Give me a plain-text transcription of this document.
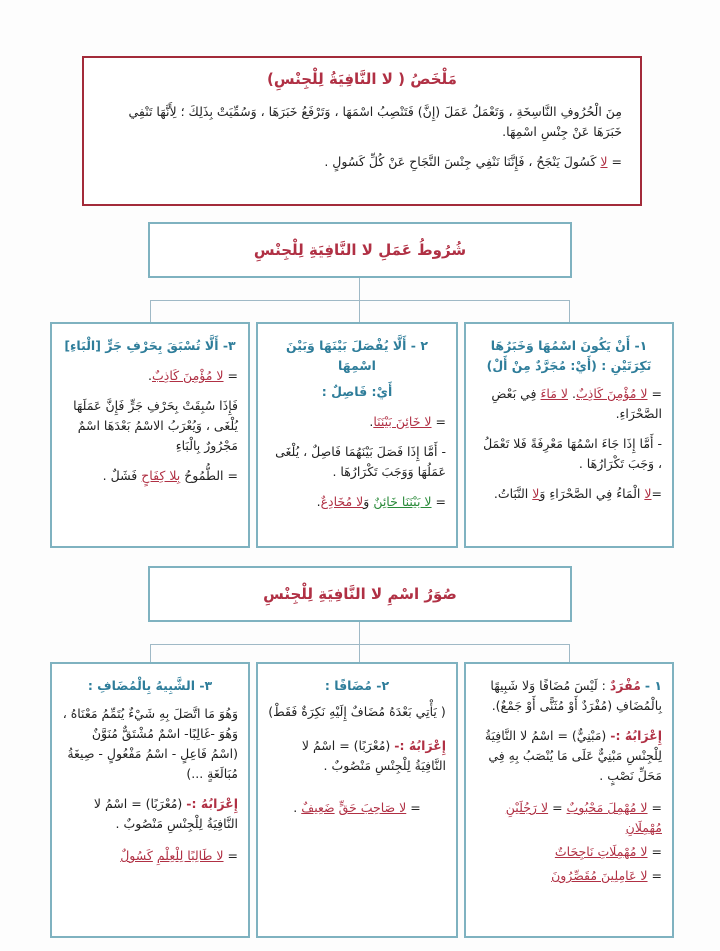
مَلْخَصُ ( لا النَّافِيَةُ لِلْجِنْسِ)

مِنَ الْحُرُوفِ النَّاسِخَةِ ، وَتَعْمَلُ عَمَلَ (إِنَّ) فَتَنْصِبُ اسْمَهَا ، وَتَرْفَعُ خَبَرَهَا ، وَسُمِّيَتْ بِذَلِكَ ؛ لِأَنَّهَا تَنْفِي خَبَرَهَا عَنْ جِنْسِ اسْمِهَا.

= لا كَسُولَ يَنْجَحُ ، فَإِنَّنَا نَنْفِي جِنْسَ النَّجَاحِ عَنْ كُلِّ كَسُولٍ .

شُرُوطُ عَمَلِ لا النَّافِيَةِ لِلْجِنْسِ
١- أَنْ يَكُونَ اسْمُهَا وَخَبَرُهَا نَكِرَتَيْنِ : (أَيْ: مُجَرَّدٌ مِنْ أَلْ)

= لا مُؤْمِنَ كَاذِبٌ. لا مَاءَ فِي بَعْضِ الصَّحْرَاءِ.

- أَمَّا إِذَا جَاءَ اسْمُهَا مَعْرِفَةً فَلا تَعْمَلُ ، وَجَبَ تَكْرَارُهَا .

=لا الْمَاءُ فِي الصَّحْرَاءِ وَلا النَّبَاتُ.

٢ - أَلَّا يُفْصَلَ بَيْنَهَا وَبَيْنَ اسْمِهَا
أَيْ: فَاصِلٌ :

= لا خَائِنَ بَيْنَنَا.

- أَمَّا إِذَا فَصَلَ بَيْنَهُمَا فَاصِلٌ ، يُلْغَى عَمَلُهَا وَوَجَبَ تَكْرَارُهَا .

= لا بَيْنَنَا خَائِنٌ وَلا مُخَادِعٌ.

٣- أَلَّا تُسْبَقَ بِحَرْفِ جَرٍّ [الْبَاءِ]

= لا مُؤْمِنَ كَاذِبٌ.

فَإِذَا سُبِقَتْ بِحَرْفِ جَرٍّ فَإِنَّ عَمَلَهَا يُلْغَى ، وَيُعْرَبُ الاسْمُ بَعْدَهَا اسْمٌ مَجْرُورٌ بِالْبَاءِ

= الطُّمُوحُ بِلا كِفَاحٍ فَشَلٌ .

صُوَرُ اسْمِ لا النَّافِيَةِ لِلْجِنْسِ

١ - مُفْرَدٌ : لَيْسَ مُضَافًا وَلا شَبِيهًا بِالْمُضَافِ (مُفْرَدٌ أَوْ مُثَنًّى أَوْ جَمْعٌ).

إِعْرَابُهُ :- (مَبْنِيٌّ) = اسْمُ لا النَّافِيَةُ لِلْجِنْسِ مَبْنِيٌّ عَلَى مَا يُنْصَبُ بِهِ فِي مَحَلِّ نَصْبٍ .

= لا مُهْمِلَ مَحْبُوبٌ = لا رَجُلَيْنِ مُهْمِلَانِ

= لا مُهْمِلَاتِ نَاجِحَاتٌ

= لا عَامِلِينَ مُقَصِّرُونَ

٢- مُضَافًا :

( يَأْتِي بَعْدَهُ مُضَافٌ إِلَيْهِ نَكِرَةٌ فَقَطْ)

إِعْرَابُهُ :- (مُعْرَبًا) = اسْمُ لا النَّافِيَةُ لِلْجِنْسِ مَنْصُوبٌ .

= لا صَاحِبَ حَقٍّ ضَعِيفٌ .

٣- الشَّبِيهُ بِالْمُضَافِ :

وَهُوَ مَا اتَّصَلَ بِهِ شَيْءٌ يُتَمِّمُ مَعْنَاهُ ، وَهُوَ -غَالِبًا- اسْمٌ مُشْتَقٌّ مُنَوَّنٌ (اسْمُ فَاعِلٍ - اسْمُ مَفْعُولٍ - صِيغَةُ مُبَالَغَةٍ ...)

إِعْرَابُهُ :- (مُعْرَبًا) = اسْمُ لا النَّافِيَةُ لِلْجِنْسِ مَنْصُوبٌ .

= لا طَالِبًا لِلْعِلْمِ كَسُولٌ
